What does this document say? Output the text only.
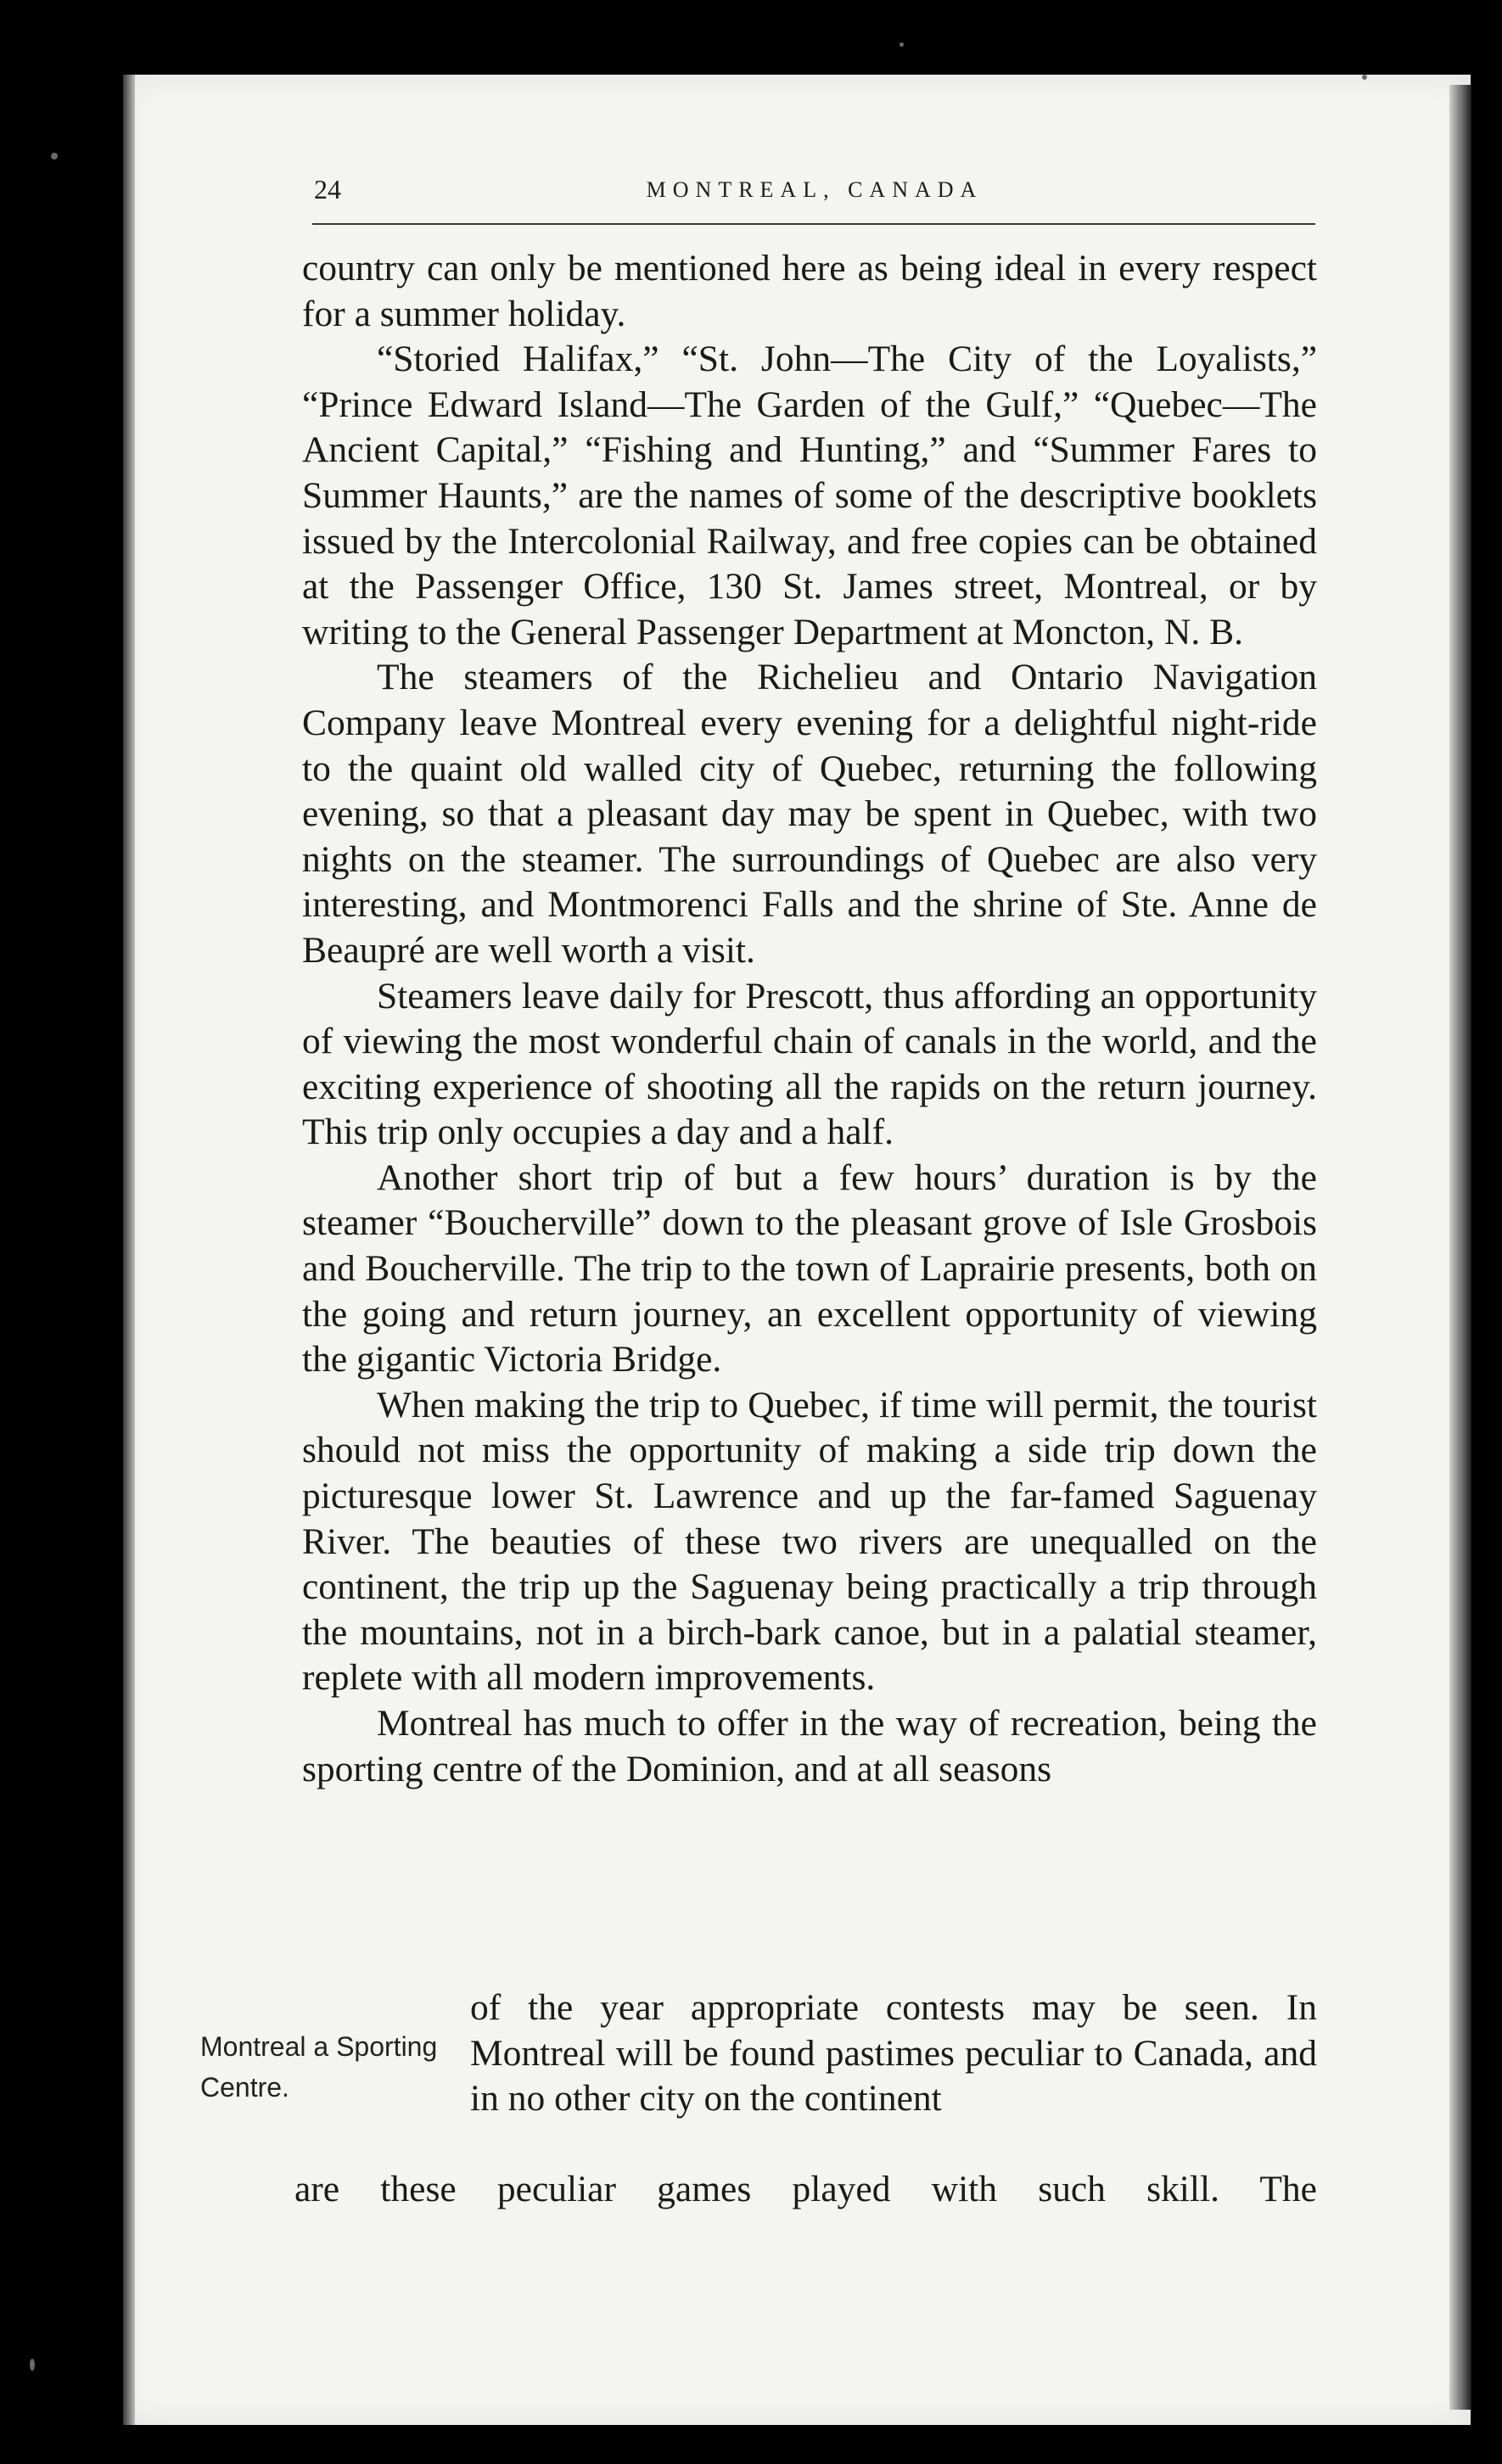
24	MONTREAL, CANADA

country can only be mentioned here as being ideal in every respect for a summer holiday.

“Storied Halifax,” “St. John—The City of the Loyalists,” “Prince Edward Island—The Garden of the Gulf,” “Quebec—The Ancient Capital,” “Fishing and Hunting,” and “Summer Fares to Summer Haunts,” are the names of some of the descriptive booklets issued by the Intercolonial Railway, and free copies can be obtained at the Passenger Office, 130 St. James street, Montreal, or by writing to the General Passenger Department at Moncton, N. B.

The steamers of the Richelieu and Ontario Navigation Company leave Montreal every evening for a delightful night-ride to the quaint old walled city of Quebec, returning the following evening, so that a pleasant day may be spent in Quebec, with two nights on the steamer. The surroundings of Quebec are also very interesting, and Montmorenci Falls and the shrine of Ste. Anne de Beaupré are well worth a visit.

Steamers leave daily for Prescott, thus affording an opportunity of viewing the most wonderful chain of canals in the world, and the exciting experience of shooting all the rapids on the return journey. This trip only occupies a day and a half.

Another short trip of but a few hours’ duration is by the steamer “Boucherville” down to the pleasant grove of Isle Grosbois and Boucherville. The trip to the town of Laprairie presents, both on the going and return journey, an excellent opportunity of viewing the gigantic Victoria Bridge.

When making the trip to Quebec, if time will permit, the tourist should not miss the opportunity of making a side trip down the picturesque lower St. Lawrence and up the far-famed Saguenay River. The beauties of these two rivers are unequalled on the continent, the trip up the Saguenay being practically a trip through the mountains, not in a birch-bark canoe, but in a palatial steamer, replete with all modern improvements.

Montreal has much to offer in the way of recreation, being the sporting centre of the Dominion, and at all seasons

Montreal a Sporting Centre.
of the year appropriate contests may be seen. In Montreal will be found pastimes peculiar to Canada, and in no other city on the continent
are these peculiar games played with such skill. The
